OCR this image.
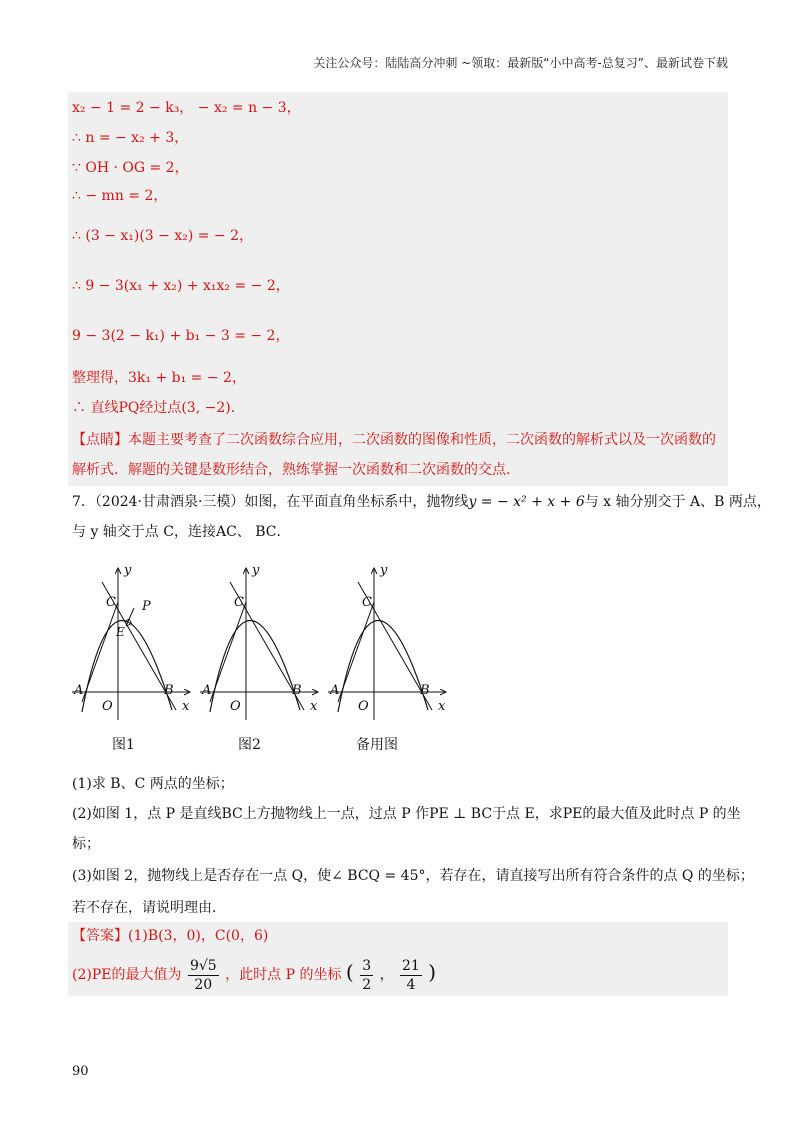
关注公众号：陆陆高分冲刺 ~领取：最新版“小中高考-总复习”、最新试卷下载
x₂ − 1 = 2 − k₃， − x₂ = n − 3，
∴ n = − x₂ + 3，
∵ OH · OG = 2，
∴ − mn = 2，
∴ (3 − x₁)(3 − x₂) = − 2，
∴ 9 − 3(x₁ + x₂) + x₁x₂ = − 2，
9 − 3(2 − k₁) + b₁ − 3 = − 2，
整理得，3k₁ + b₁ = − 2，
∴ 直线PQ经过点(3, −2).
【点睛】本题主要考查了二次函数综合应用，二次函数的图像和性质，二次函数的解析式以及一次函数的
解析式．解题的关键是数形结合，熟练掌握一次函数和二次函数的交点．
7．（2024·甘肃酒泉·三模）如图，在平面直角坐标系中，抛物线y = − x² + x + 6与 x 轴分别交于 A、B 两点，
与 y 轴交于点 C，连接AC、 BC．
C P
E
A	B
O	x
y
C
A	B
O	x
y
C
A	B
O	x
y
图1	图2	备用图
(1)求 B、C 两点的坐标；
(2)如图 1，点 P 是直线BC上方抛物线上一点，过点 P 作PE ⊥ BC于点 E，求PE的最大值及此时点 P 的坐
标；
(3)如图 2，抛物线上是否存在一点 Q，使∠ BCQ = 45°，若存在，请直接写出所有符合条件的点 Q 的坐标；
若不存在，请说明理由．
【答案】(1)B(3，0)，C(0，6)
(2)PE的最大值为 $\frac{9√5}{20}$ ，此时点 P 的坐标 ( $\frac{3}{2}$ ， $\frac{21}{4}$ )
90
